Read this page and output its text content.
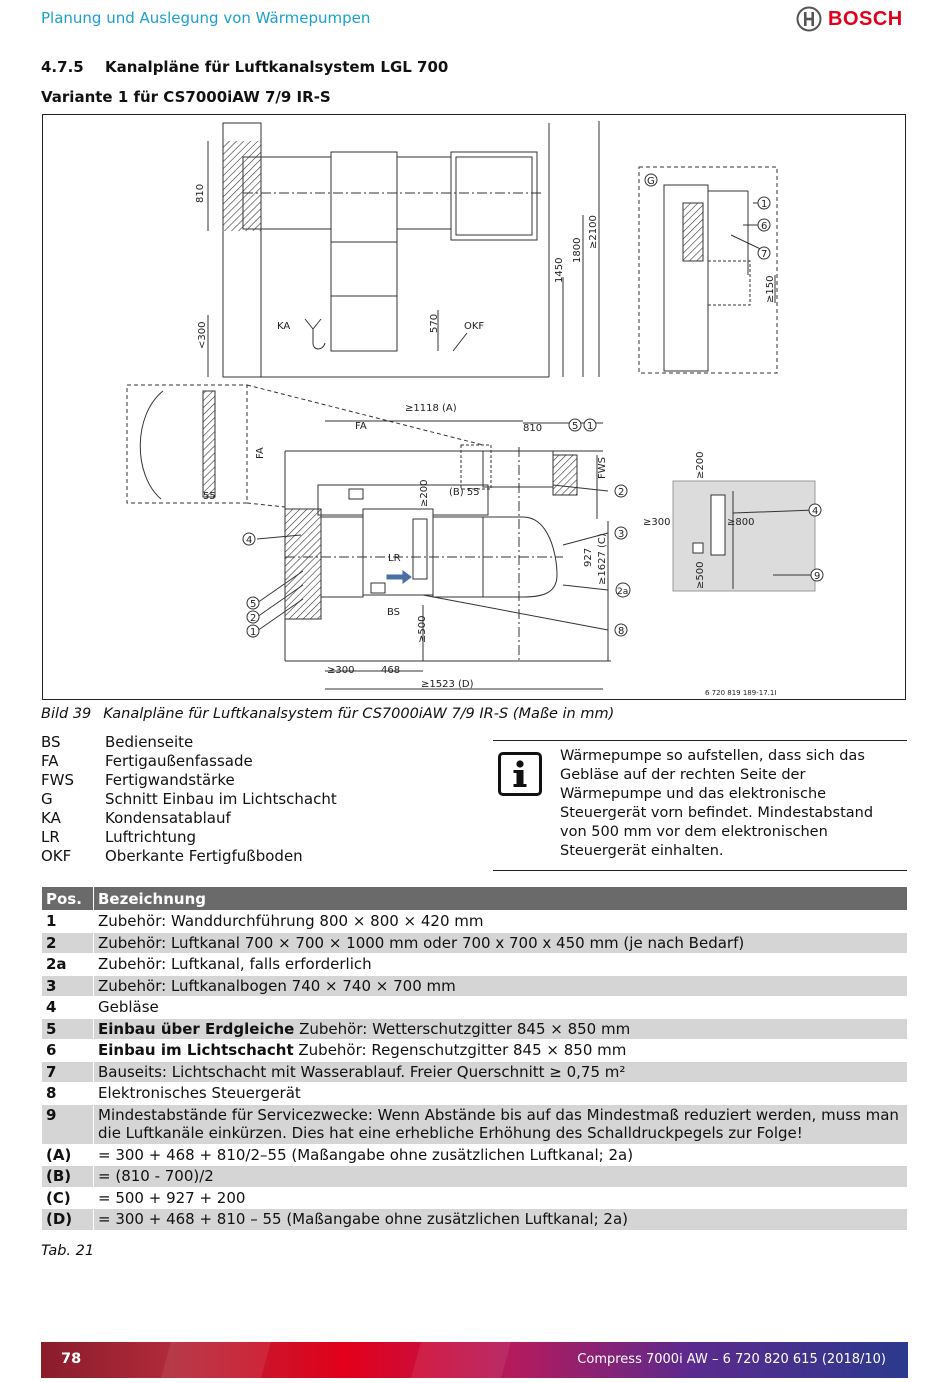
Planung und Auslegung von Wärmepumpen	BOSCH
4.7.5 Kanalpläne für Luftkanalsystem LGL 700
Variante 1 für CS7000iAW 7/9 IR-S
810
1450
1800
≥2100
<300	KA	570 OKF
G
1
6
7
≥150
FA
FA
55
≥1118 (A)
810
FWS
≥200 (B) 55
LR
BS
927 ≥1627 (C)
≥500
≥300	468
≥1523 (D)
≥200
≥300	≥800
≥500
6 720 819 189-17.1I
5 1
2
3
2a
8
4
5
2
1
4
9
Bild 39 Kanalpläne für Luftkanalsystem für CS7000iAW 7/9 IR-S (Maße in mm)
BS	Bedienseite
FA	Fertigaußenfassade
FWS	Fertigwandstärke
G	Schnitt Einbau im Lichtschacht
KA	Kondensatablauf
LR	Luftrichtung
OKF	Oberkante Fertigfußboden
Wärmepumpe so aufstellen, dass sich das Gebläse auf der rechten Seite der Wärmepumpe und das elektronische Steuergerät vorn befindet. Mindestabstand von 500 mm vor dem elektronischen Steuergerät einhalten.
Pos.	Bezeichnung
1	Zubehör: Wanddurchführung 800 × 800 × 420 mm
2	Zubehör: Luftkanal 700 × 700 × 1000 mm oder 700 x 700 x 450 mm (je nach Bedarf)
2a	Zubehör: Luftkanal, falls erforderlich
3	Zubehör: Luftkanalbogen 740 × 740 × 700 mm
4	Gebläse
5	Einbau über Erdgleiche Zubehör: Wetterschutzgitter 845 × 850 mm
6	Einbau im Lichtschacht Zubehör: Regenschutzgitter 845 × 850 mm
7	Bauseits: Lichtschacht mit Wasserablauf. Freier Querschnitt ≥ 0,75 m²
8	Elektronisches Steuergerät
9	Mindestabstände für Servicezwecke: Wenn Abstände bis auf das Mindestmaß reduziert werden, muss man die Luftkanäle einkürzen. Dies hat eine erhebliche Erhöhung des Schalldruckpegels zur Folge!
(A)	= 300 + 468 + 810/2–55 (Maßangabe ohne zusätzlichen Luftkanal; 2a)
(B)	= (810 - 700)/2
(C)	= 500 + 927 + 200
(D)	= 300 + 468 + 810 – 55 (Maßangabe ohne zusätzlichen Luftkanal; 2a)
Tab. 21
78	Compress 7000i AW – 6 720 820 615 (2018/10)
